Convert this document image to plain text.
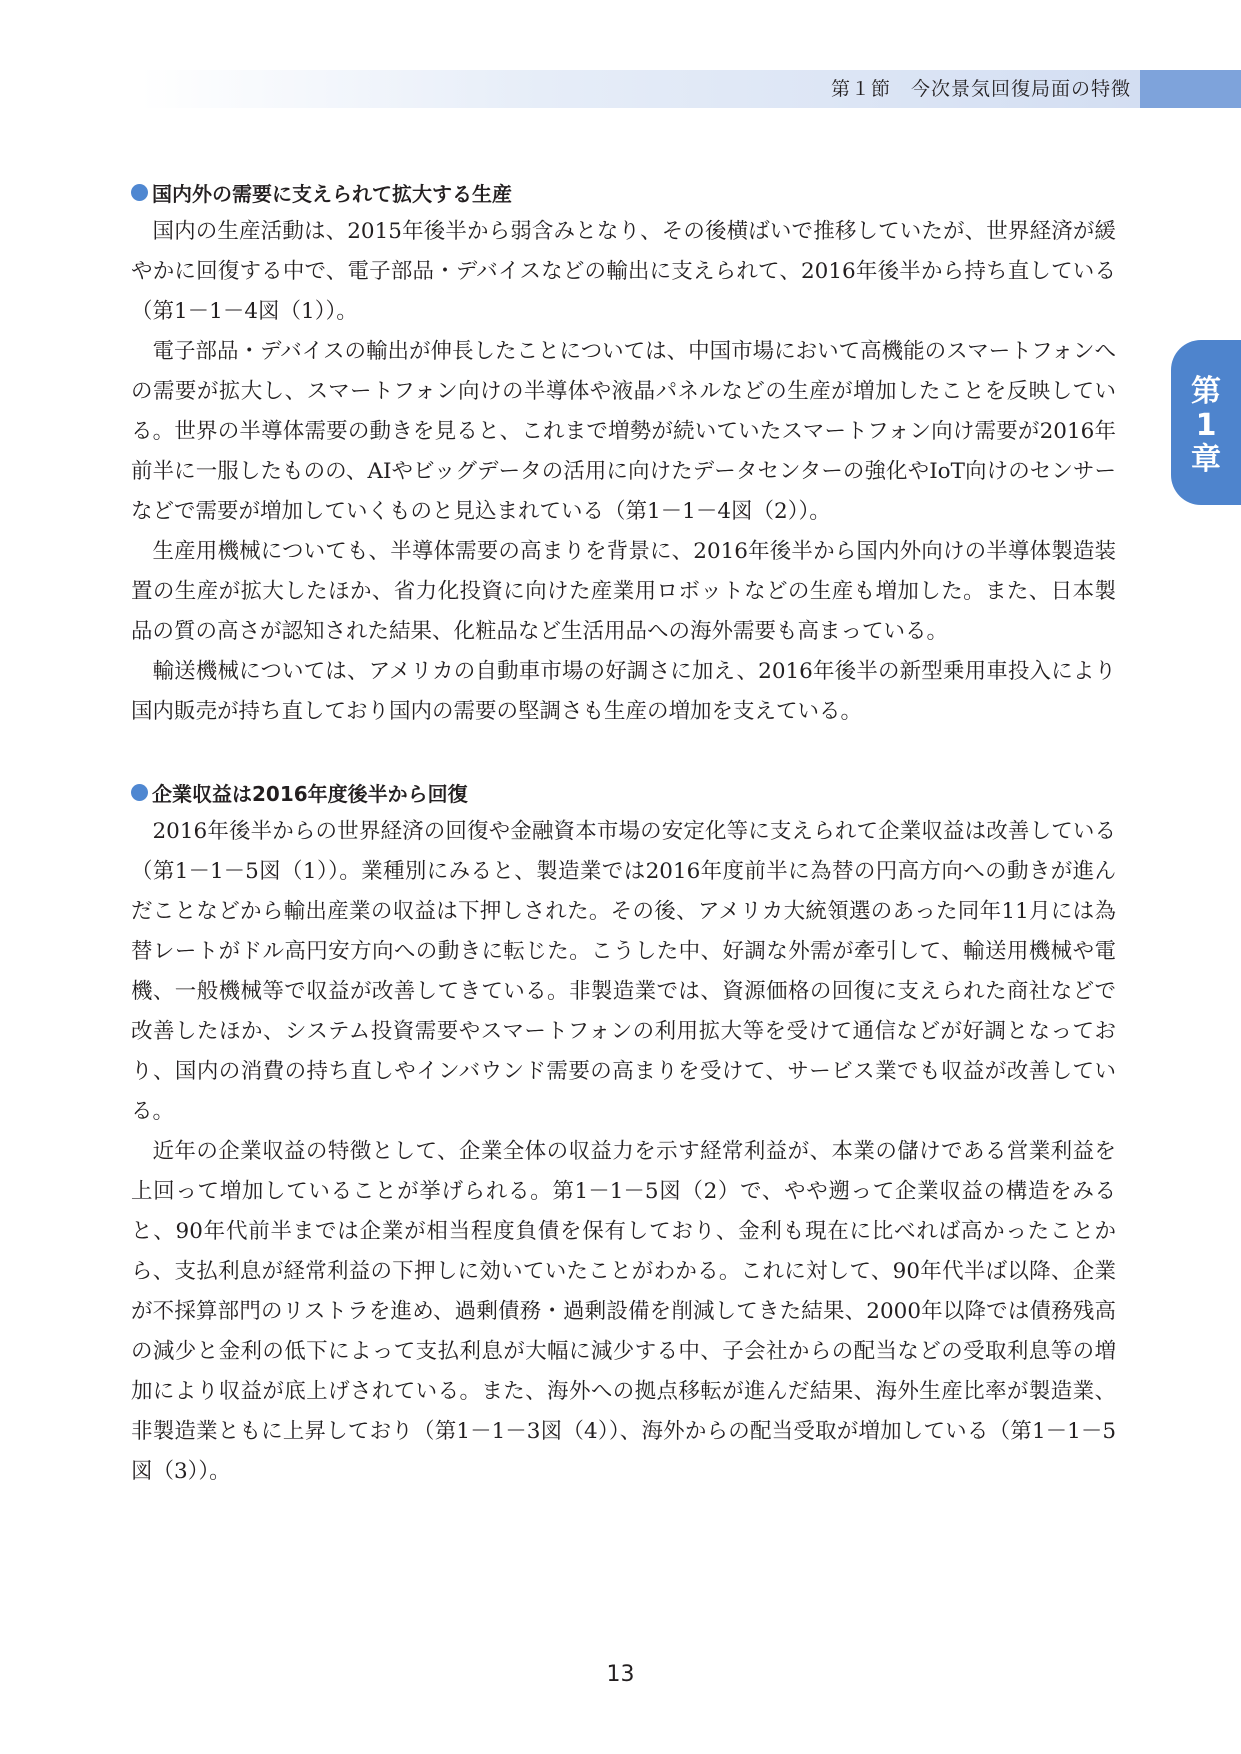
第１節　今次景気回復局面の特徴
第
1
章
国内外の需要に支えられて拡大する生産

国内の生産活動は、2015年後半から弱含みとなり、その後横ばいで推移していたが、世界経済が緩やかに回復する中で、電子部品・デバイスなどの輸出に支えられて、2016年後半から持ち直している（第1－1－4図（1））。

電子部品・デバイスの輸出が伸長したことについては、中国市場において高機能のスマートフォンへの需要が拡大し、スマートフォン向けの半導体や液晶パネルなどの生産が増加したことを反映している。世界の半導体需要の動きを見ると、これまで増勢が続いていたスマートフォン向け需要が2016年前半に一服したものの、AIやビッグデータの活用に向けたデータセンターの強化やIoT向けのセンサーなどで需要が増加していくものと見込まれている（第1－1－4図（2））。

生産用機械についても、半導体需要の高まりを背景に、2016年後半から国内外向けの半導体製造装置の生産が拡大したほか、省力化投資に向けた産業用ロボットなどの生産も増加した。また、日本製品の質の高さが認知された結果、化粧品など生活用品への海外需要も高まっている。

輸送機械については、アメリカの自動車市場の好調さに加え、2016年後半の新型乗用車投入により国内販売が持ち直しており国内の需要の堅調さも生産の増加を支えている。

企業収益は2016年度後半から回復

2016年後半からの世界経済の回復や金融資本市場の安定化等に支えられて企業収益は改善している（第1－1－5図（1））。業種別にみると、製造業では2016年度前半に為替の円高方向への動きが進んだことなどから輸出産業の収益は下押しされた。その後、アメリカ大統領選のあった同年11月には為替レートがドル高円安方向への動きに転じた。こうした中、好調な外需が牽引して、輸送用機械や電機、一般機械等で収益が改善してきている。非製造業では、資源価格の回復に支えられた商社などで改善したほか、システム投資需要やスマートフォンの利用拡大等を受けて通信などが好調となっており、国内の消費の持ち直しやインバウンド需要の高まりを受けて、サービス業でも収益が改善している。

近年の企業収益の特徴として、企業全体の収益力を示す経常利益が、本業の儲けである営業利益を上回って増加していることが挙げられる。第1－1－5図（2）で、やや遡って企業収益の構造をみると、90年代前半までは企業が相当程度負債を保有しており、金利も現在に比べれば高かったことから、支払利息が経常利益の下押しに効いていたことがわかる。これに対して、90年代半ば以降、企業が不採算部門のリストラを進め、過剰債務・過剰設備を削減してきた結果、2000年以降では債務残高の減少と金利の低下によって支払利息が大幅に減少する中、子会社からの配当などの受取利息等の増加により収益が底上げされている。また、海外への拠点移転が進んだ結果、海外生産比率が製造業、非製造業ともに上昇しており（第1－1－3図（4））、海外からの配当受取が増加している（第1－1－5図（3））。

13
